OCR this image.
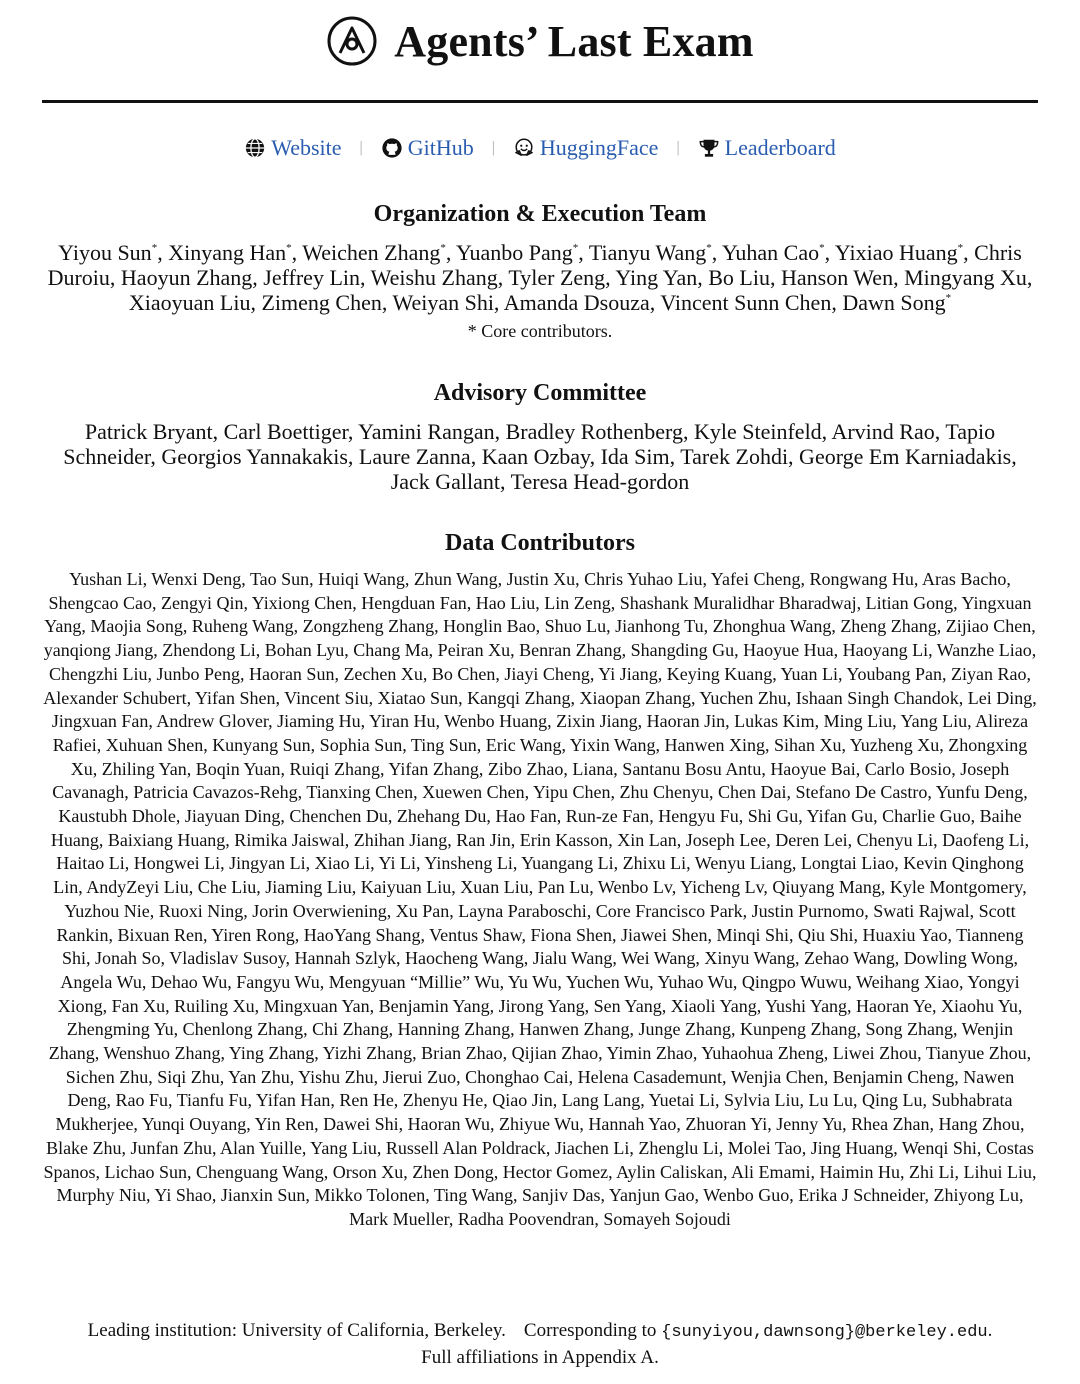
Agents’ Last Exam
Website | GitHub | HuggingFace | Leaderboard
Organization & Execution Team

Yiyou Sun*, Xinyang Han*, Weichen Zhang*, Yuanbo Pang*, Tianyu Wang*, Yuhan Cao*, Yixiao Huang*, Chris Duroiu, Haoyun Zhang, Jeffrey Lin, Weishu Zhang, Tyler Zeng, Ying Yan, Bo Liu, Hanson Wen, Mingyang Xu, Xiaoyuan Liu, Zimeng Chen, Weiyan Shi, Amanda Dsouza, Vincent Sunn Chen, Dawn Song*

* Core contributors.
Advisory Committee

Patrick Bryant, Carl Boettiger, Yamini Rangan, Bradley Rothenberg, Kyle Steinfeld, Arvind Rao, Tapio Schneider, Georgios Yannakakis, Laure Zanna, Kaan Ozbay, Ida Sim, Tarek Zohdi, George Em Karniadakis, Jack Gallant, Teresa Head-gordon

Data Contributors

Yushan Li, Wenxi Deng, Tao Sun, Huiqi Wang, Zhun Wang, Justin Xu, Chris Yuhao Liu, Yafei Cheng, Rongwang Hu, Aras Bacho, Shengcao Cao, Zengyi Qin, Yixiong Chen, Hengduan Fan, Hao Liu, Lin Zeng, Shashank Muralidhar Bharadwaj, Litian Gong, Yingxuan Yang, Maojia Song, Ruheng Wang, Zongzheng Zhang, Honglin Bao, Shuo Lu, Jianhong Tu, Zhonghua Wang, Zheng Zhang, Zijiao Chen, yanqiong Jiang, Zhendong Li, Bohan Lyu, Chang Ma, Peiran Xu, Benran Zhang, Shangding Gu, Haoyue Hua, Haoyang Li, Wanzhe Liao, Chengzhi Liu, Junbo Peng, Haoran Sun, Zechen Xu, Bo Chen, Jiayi Cheng, Yi Jiang, Keying Kuang, Yuan Li, Youbang Pan, Ziyan Rao, Alexander Schubert, Yifan Shen, Vincent Siu, Xiatao Sun, Kangqi Zhang, Xiaopan Zhang, Yuchen Zhu, Ishaan Singh Chandok, Lei Ding, Jingxuan Fan, Andrew Glover, Jiaming Hu, Yiran Hu, Wenbo Huang, Zixin Jiang, Haoran Jin, Lukas Kim, Ming Liu, Yang Liu, Alireza Rafiei, Xuhuan Shen, Kunyang Sun, Sophia Sun, Ting Sun, Eric Wang, Yixin Wang, Hanwen Xing, Sihan Xu, Yuzheng Xu, Zhongxing Xu, Zhiling Yan, Boqin Yuan, Ruiqi Zhang, Yifan Zhang, Zibo Zhao, Liana, Santanu Bosu Antu, Haoyue Bai, Carlo Bosio, Joseph Cavanagh, Patricia Cavazos-Rehg, Tianxing Chen, Xuewen Chen, Yipu Chen, Zhu Chenyu, Chen Dai, Stefano De Castro, Yunfu Deng, Kaustubh Dhole, Jiayuan Ding, Chenchen Du, Zhehang Du, Hao Fan, Run-ze Fan, Hengyu Fu, Shi Gu, Yifan Gu, Charlie Guo, Baihe Huang, Baixiang Huang, Rimika Jaiswal, Zhihan Jiang, Ran Jin, Erin Kasson, Xin Lan, Joseph Lee, Deren Lei, Chenyu Li, Daofeng Li, Haitao Li, Hongwei Li, Jingyan Li, Xiao Li, Yi Li, Yinsheng Li, Yuangang Li, Zhixu Li, Wenyu Liang, Longtai Liao, Kevin Qinghong Lin, AndyZeyi Liu, Che Liu, Jiaming Liu, Kaiyuan Liu, Xuan Liu, Pan Lu, Wenbo Lv, Yicheng Lv, Qiuyang Mang, Kyle Montgomery, Yuzhou Nie, Ruoxi Ning, Jorin Overwiening, Xu Pan, Layna Paraboschi, Core Francisco Park, Justin Purnomo, Swati Rajwal, Scott Rankin, Bixuan Ren, Yiren Rong, HaoYang Shang, Ventus Shaw, Fiona Shen, Jiawei Shen, Minqi Shi, Qiu Shi, Huaxiu Yao, Tianneng Shi, Jonah So, Vladislav Susoy, Hannah Szlyk, Haocheng Wang, Jialu Wang, Wei Wang, Xinyu Wang, Zehao Wang, Dowling Wong, Angela Wu, Dehao Wu, Fangyu Wu, Mengyuan “Millie” Wu, Yu Wu, Yuchen Wu, Yuhao Wu, Qingpo Wuwu, Weihang Xiao, Yongyi Xiong, Fan Xu, Ruiling Xu, Mingxuan Yan, Benjamin Yang, Jirong Yang, Sen Yang, Xiaoli Yang, Yushi Yang, Haoran Ye, Xiaohu Yu, Zhengming Yu, Chenlong Zhang, Chi Zhang, Hanning Zhang, Hanwen Zhang, Junge Zhang, Kunpeng Zhang, Song Zhang, Wenjin Zhang, Wenshuo Zhang, Ying Zhang, Yizhi Zhang, Brian Zhao, Qijian Zhao, Yimin Zhao, Yuhaohua Zheng, Liwei Zhou, Tianyue Zhou, Sichen Zhu, Siqi Zhu, Yan Zhu, Yishu Zhu, Jierui Zuo, Chonghao Cai, Helena Casademunt, Wenjia Chen, Benjamin Cheng, Nawen Deng, Rao Fu, Tianfu Fu, Yifan Han, Ren He, Zhenyu He, Qiao Jin, Lang Lang, Yuetai Li, Sylvia Liu, Lu Lu, Qing Lu, Subhabrata Mukherjee, Yunqi Ouyang, Yin Ren, Dawei Shi, Haoran Wu, Zhiyue Wu, Hannah Yao, Zhuoran Yi, Jenny Yu, Rhea Zhan, Hang Zhou, Blake Zhu, Junfan Zhu, Alan Yuille, Yang Liu, Russell Alan Poldrack, Jiachen Li, Zhenglu Li, Molei Tao, Jing Huang, Wenqi Shi, Costas Spanos, Lichao Sun, Chenguang Wang, Orson Xu, Zhen Dong, Hector Gomez, Aylin Caliskan, Ali Emami, Haimin Hu, Zhi Li, Lihui Liu, Murphy Niu, Yi Shao, Jianxin Sun, Mikko Tolonen, Ting Wang, Sanjiv Das, Yanjun Gao, Wenbo Guo, Erika J Schneider, Zhiyong Lu, Mark Mueller, Radha Poovendran, Somayeh Sojoudi

Leading institution: University of California, Berkeley. Corresponding to {sunyiyou,dawnsong}@berkeley.edu.
Full affiliations in Appendix A.
